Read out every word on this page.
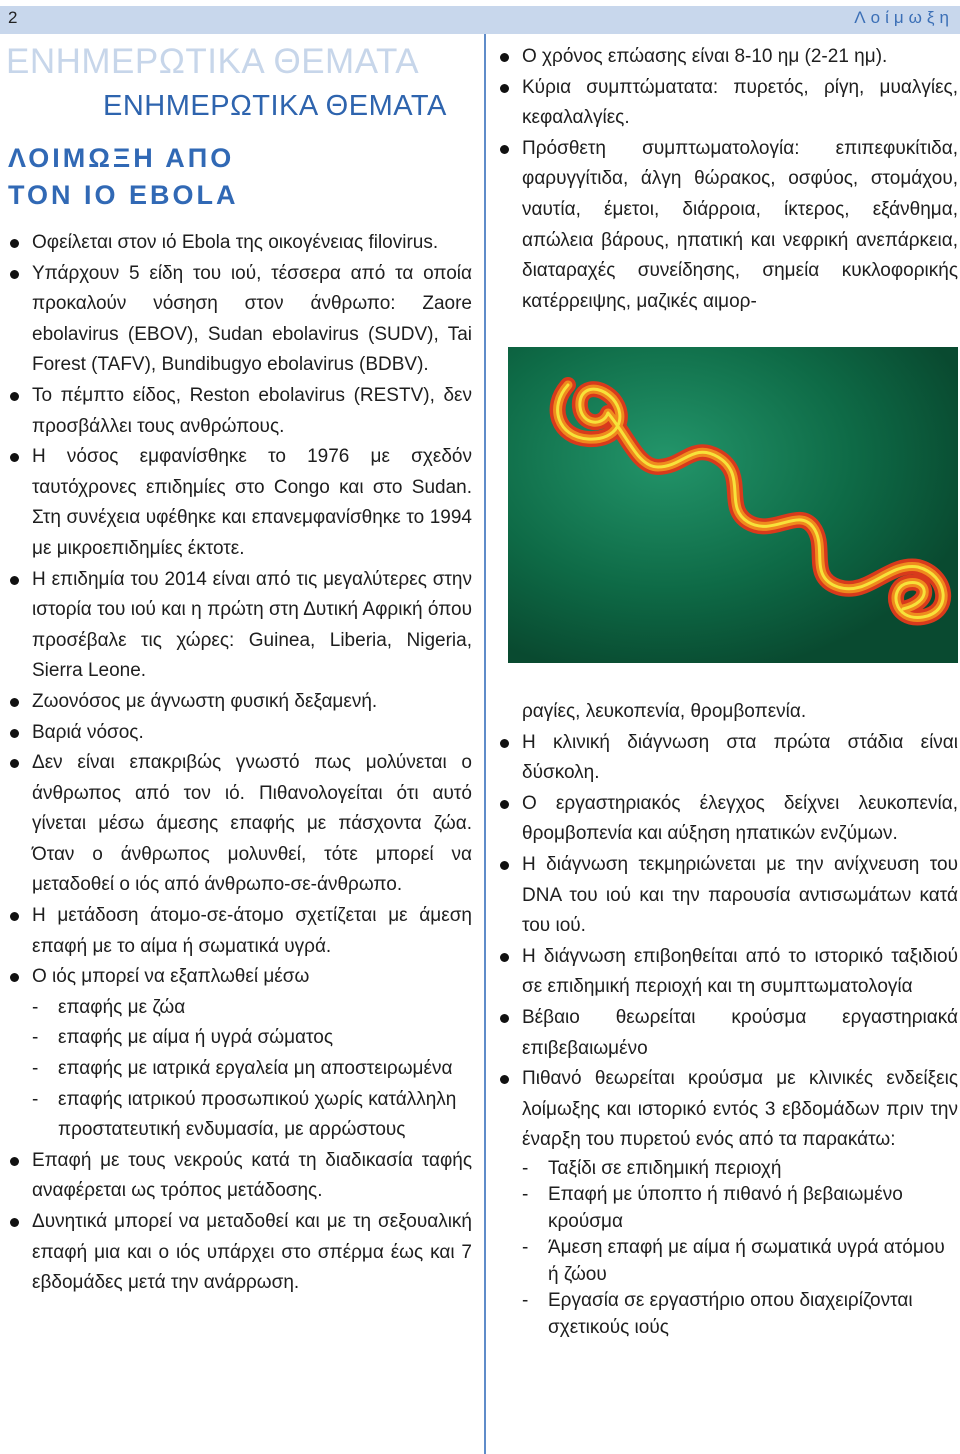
2	Λοίμωξη
ΕΝΗΜΕΡΩΤΙΚΑ ΘΕΜΑΤΑ
ΕΝΗΜΕΡΩΤΙΚΑ ΘΕΜΑΤΑ
ΛΟΙΜΩΞΗ ΑΠΟ
ΤΟΝ ΙΟ EBOLA
Οφείλεται στον ιό Ebola της οικογένειας filovirus.
Υπάρχουν 5 είδη του ιού, τέσσερα από τα οποία προκαλούν νόσηση στον άνθρωπο: Zaore ebolavirus (EBOV), Sudan ebolavirus (SUDV), Tai Forest (TAFV), Bundibugyo ebolavirus (BDBV).
Το πέμπτο είδος, Reston ebolavirus (RESTV), δεν προσβάλλει τους ανθρώπους.
Η νόσος εμφανίσθηκε το 1976 με σχεδόν ταυτόχρονες επιδημίες στο Congo και στο Sudan. Στη συνέχεια υφέθηκε και επανεμφανίσθηκε το 1994 με μικροεπιδημίες έκτοτε.
Η επιδημία του 2014 είναι από τις μεγαλύτερες στην ιστορία του ιού και η πρώτη στη Δυτική Αφρική όπου προσέβαλε τις χώρες: Guinea, Liberia, Nigeria, Sierra Leone.
Ζωονόσος με άγνωστη φυσική δεξαμενή.
Βαριά νόσος.
Δεν είναι επακριβώς γνωστό πως μολύνεται ο άνθρωπος από τον ιό. Πιθανολογείται ότι αυτό γίνεται μέσω άμεσης επαφής με πάσχοντα ζώα. Όταν ο άνθρωπος μολυνθεί, τότε μπορεί να μεταδοθεί ο ιός από άνθρωπο-σε-άνθρωπο.
Η μετάδοση άτομο-σε-άτομο σχετίζεται με άμεση επαφή με το αίμα ή σωματικά υγρά.
Ο ιός μπορεί να εξαπλωθεί μέσω
- επαφής με ζώα
- επαφής με αίμα ή υγρά σώματος
- επαφής με ιατρικά εργαλεία μη αποστειρωμένα
- επαφής ιατρικού προσωπικού χωρίς κατάλληλη προστατευτική ενδυμασία, με αρρώστους
Επαφή με τους νεκρούς κατά τη διαδικασία ταφής αναφέρεται ως τρόπος μετάδοσης.
Δυνητικά μπορεί να μεταδοθεί και με τη σεξουαλική επαφή μια και ο ιός υπάρχει στο σπέρμα έως και 7 εβδομάδες μετά την ανάρρωση.
Ο χρόνος επώασης είναι 8-10 ημ (2-21 ημ).
Κύρια συμπτώματατα: πυρετός, ρίγη, μυαλγίες, κεφαλαλγίες.
Πρόσθετη συμπτωματολογία: επιπεφυκίτιδα, φαρυγγίτιδα, άλγη θώρακος, οσφύος, στομάχου, ναυτία, έμετοι, διάρροια, ίκτερος, εξάνθημα, απώλεια βάρους, ηπατική και νεφρική ανεπάρκεια, διαταραχές συνείδησης, σημεία κυκλοφορικής κατέρρειψης, μαζικές αιμορ-
ραγίες, λευκοπενία, θρομβοπενία.
Η κλινική διάγνωση στα πρώτα στάδια είναι δύσκολη.
Ο εργαστηριακός έλεγχος δείχνει λευκοπενία, θρομβοπενία και αύξηση ηπατικών ενζύμων.
Η διάγνωση τεκμηριώνεται με την ανίχνευση του DNA του ιού και την παρουσία αντισωμάτων κατά του ιού.
Η διάγνωση επιβοηθείται από το ιστορικό ταξιδιού σε επιδημική περιοχή και τη συμπτωματολογία
Βέβαιο θεωρείται κρούσμα εργαστηριακά επιβεβαιωμένο
Πιθανό θεωρείται κρούσμα με κλινικές ενδείξεις λοίμωξης και ιστορικό εντός 3 εβδομάδων πριν την έναρξη του πυρετού ενός από τα παρακάτω:
- Ταξίδι σε επιδημική περιοχή
- Επαφή με ύποπτο ή πιθανό ή βεβαιωμένο κρούσμα
- Άμεση επαφή με αίμα ή σωματικά υγρά ατόμου ή ζώου
- Εργασία σε εργαστήριο οπου διαχειρίζονται σχετικούς ιούς
